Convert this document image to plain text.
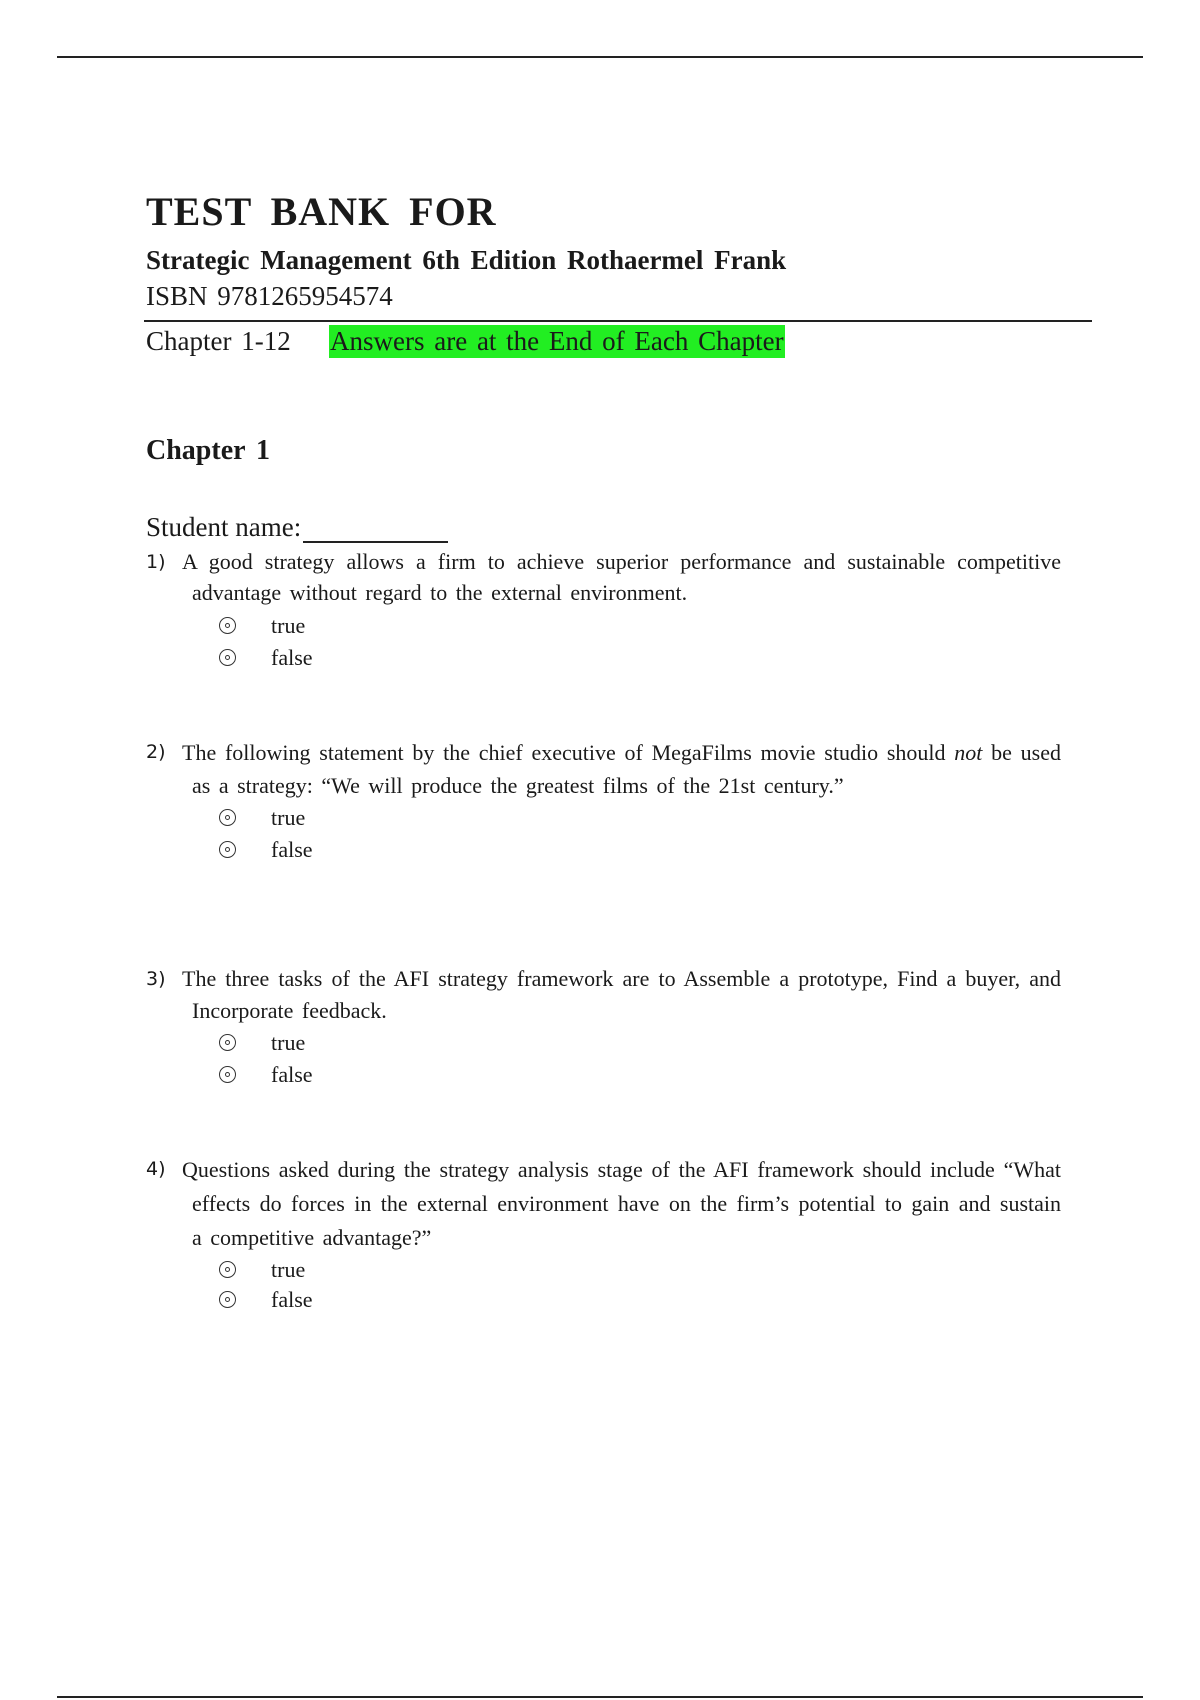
TEST BANK FOR
Strategic Management 6th Edition Rothaermel Frank
ISBN 9781265954574
Chapter 1-12 Answers are at the End of Each Chapter
Chapter 1
Student name:
1) A good strategy allows a firm to achieve superior performance and sustainable competitive advantage without regard to the external environment.
true
false
2) The following statement by the chief executive of MegaFilms movie studio should not be used as a strategy: “We will produce the greatest films of the 21st century.”
true
false
3) The three tasks of the AFI strategy framework are to Assemble a prototype, Find a buyer, and Incorporate feedback.
true
false
4) Questions asked during the strategy analysis stage of the AFI framework should include “What effects do forces in the external environment have on the firm’s potential to gain and sustain a competitive advantage?”
true
false
